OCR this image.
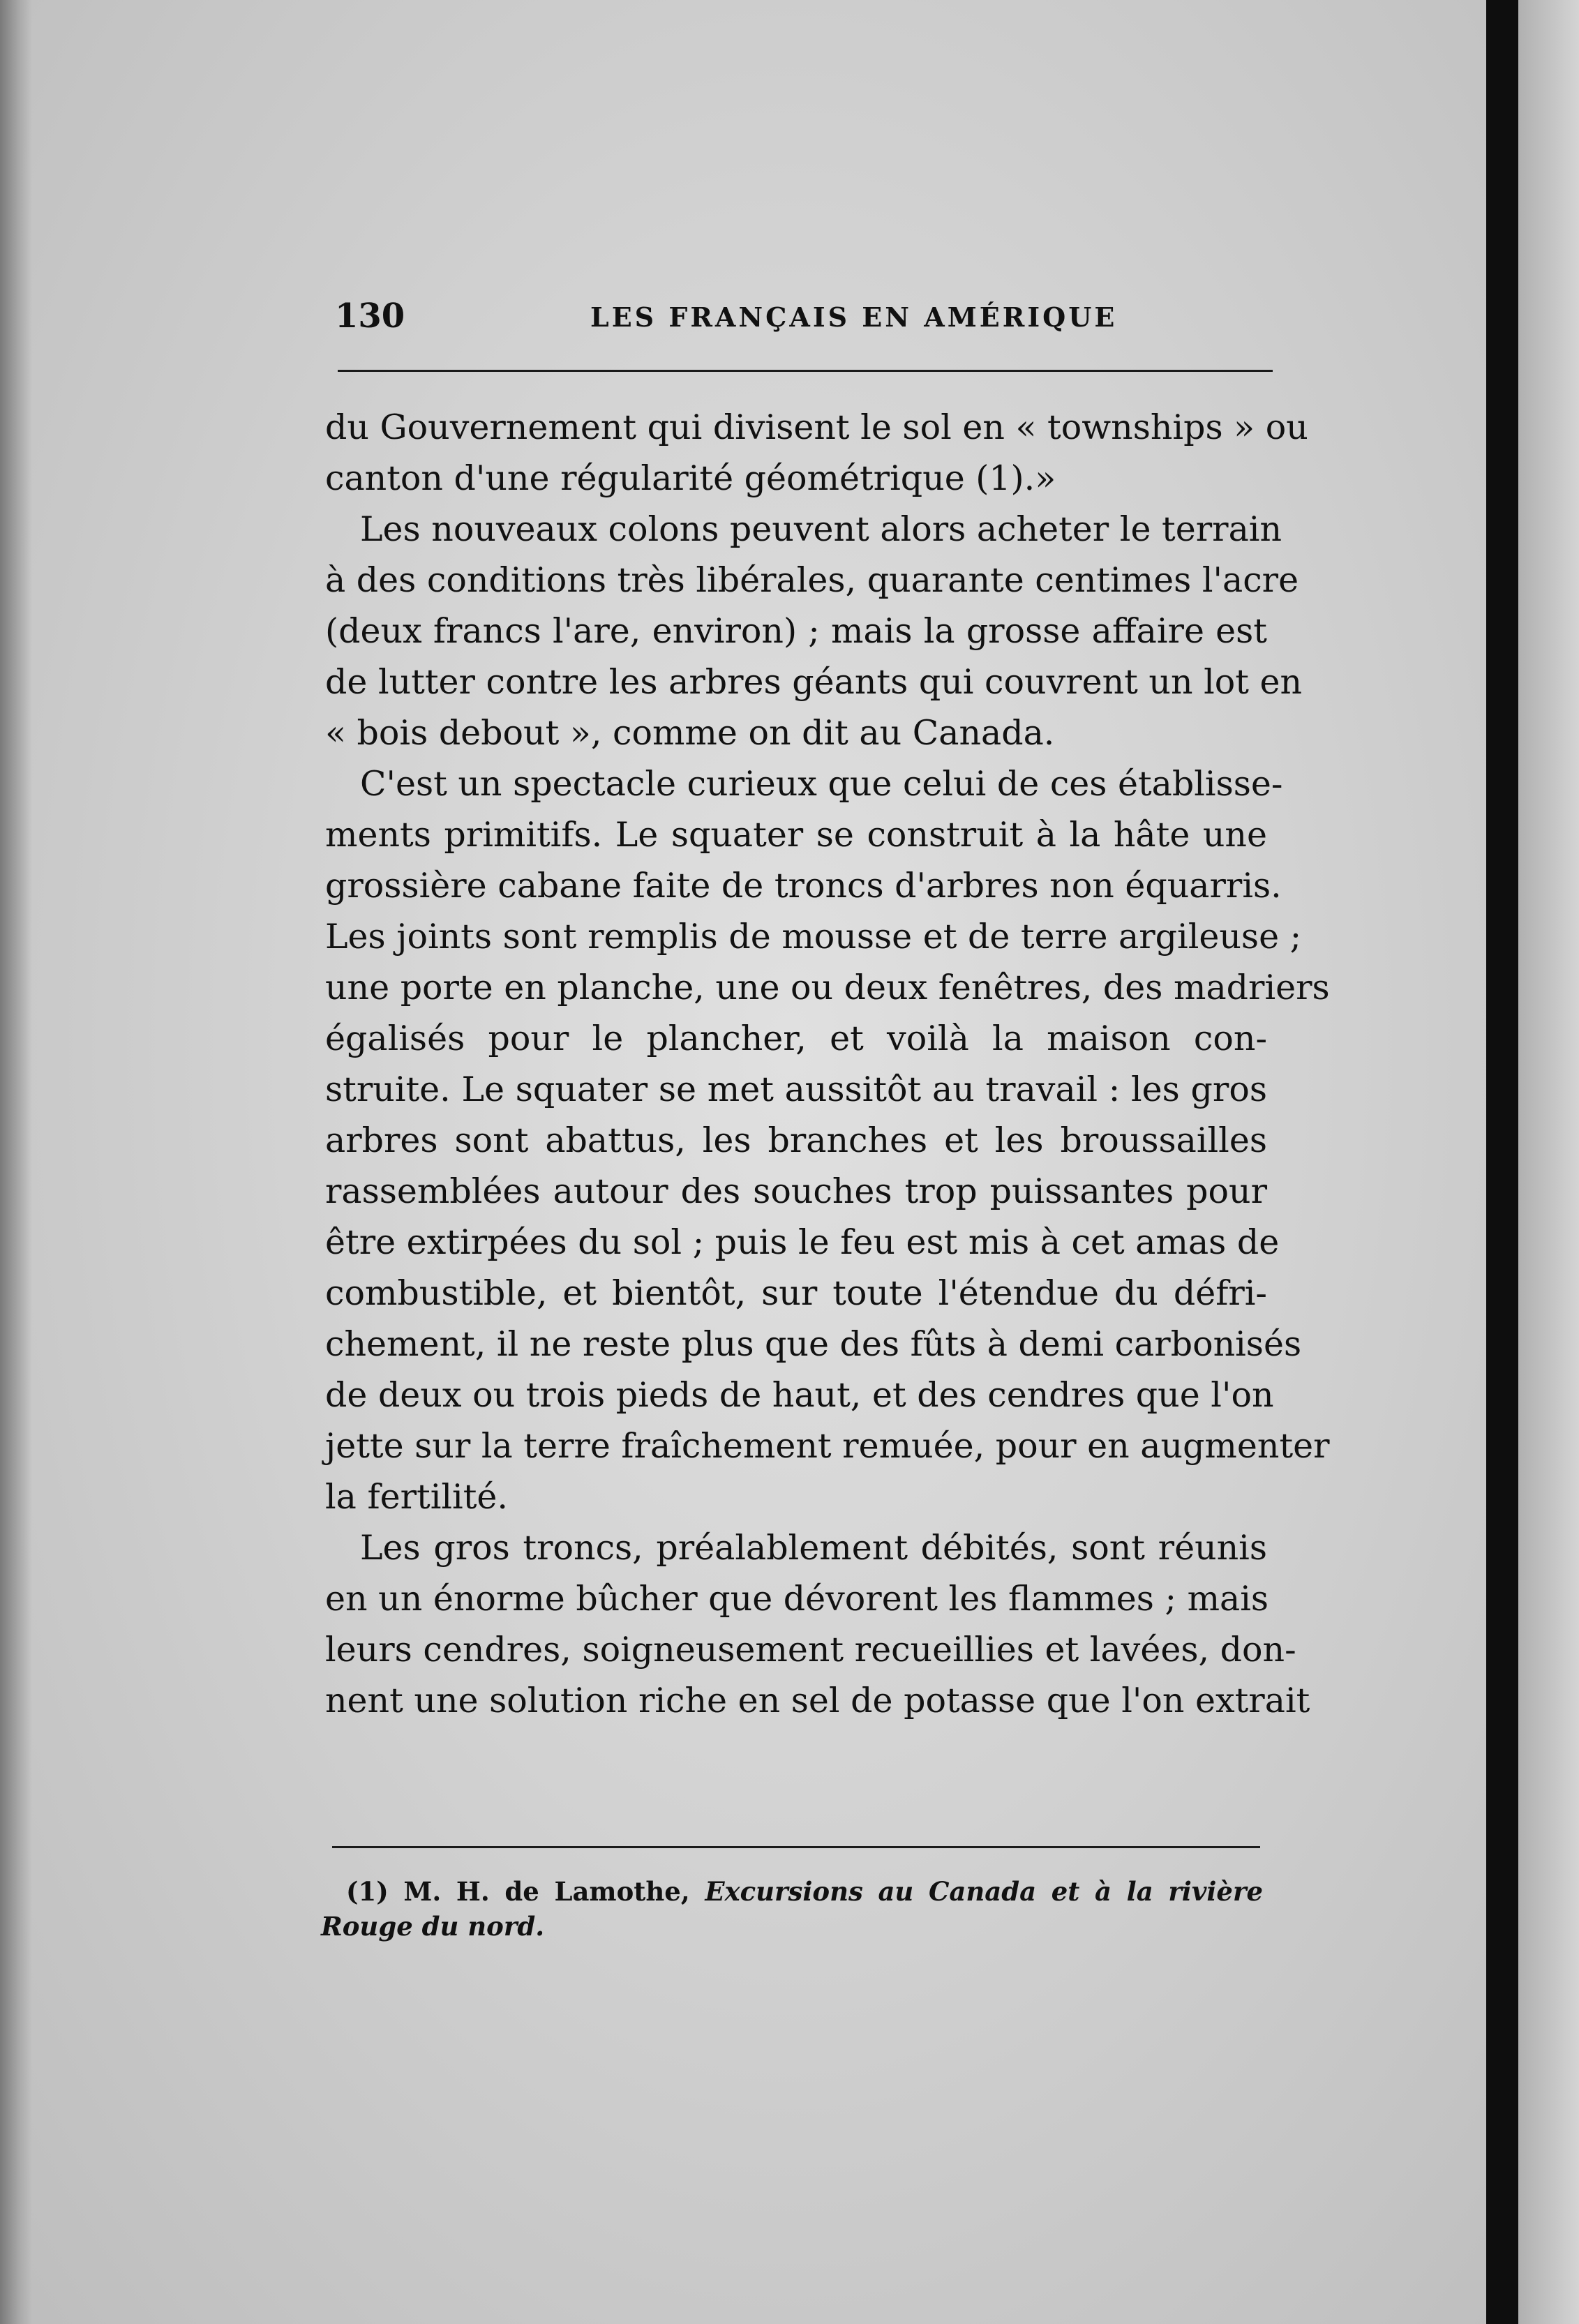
130	LES FRANÇAIS EN AMÉRIQUE

du Gouvernement qui divisent le sol en « townships » ou
canton d'une régularité géométrique (1).»
Les nouveaux colons peuvent alors acheter le terrain
à des conditions très libérales, quarante centimes l'acre
(deux francs l'are, environ) ; mais la grosse affaire est
de lutter contre les arbres géants qui couvrent un lot en
« bois debout », comme on dit au Canada.
C'est un spectacle curieux que celui de ces établisse-
ments primitifs. Le squater se construit à la hâte une
grossière cabane faite de troncs d'arbres non équarris.
Les joints sont remplis de mousse et de terre argileuse ;
une porte en planche, une ou deux fenêtres, des madriers
égalisés pour le plancher, et voilà la maison con-
struite. Le squater se met aussitôt au travail : les gros
arbres sont abattus, les branches et les broussailles
rassemblées autour des souches trop puissantes pour
être extirpées du sol ; puis le feu est mis à cet amas de
combustible, et bientôt, sur toute l'étendue du défri-
chement, il ne reste plus que des fûts à demi carbonisés
de deux ou trois pieds de haut, et des cendres que l'on
jette sur la terre fraîchement remuée, pour en augmenter
la fertilité.
Les gros troncs, préalablement débités, sont réunis
en un énorme bûcher que dévorent les flammes ; mais
leurs cendres, soigneusement recueillies et lavées, don-
nent une solution riche en sel de potasse que l'on extrait
(1) M. H. de Lamothe, Excursions au Canada et à la rivière
Rouge du nord.
